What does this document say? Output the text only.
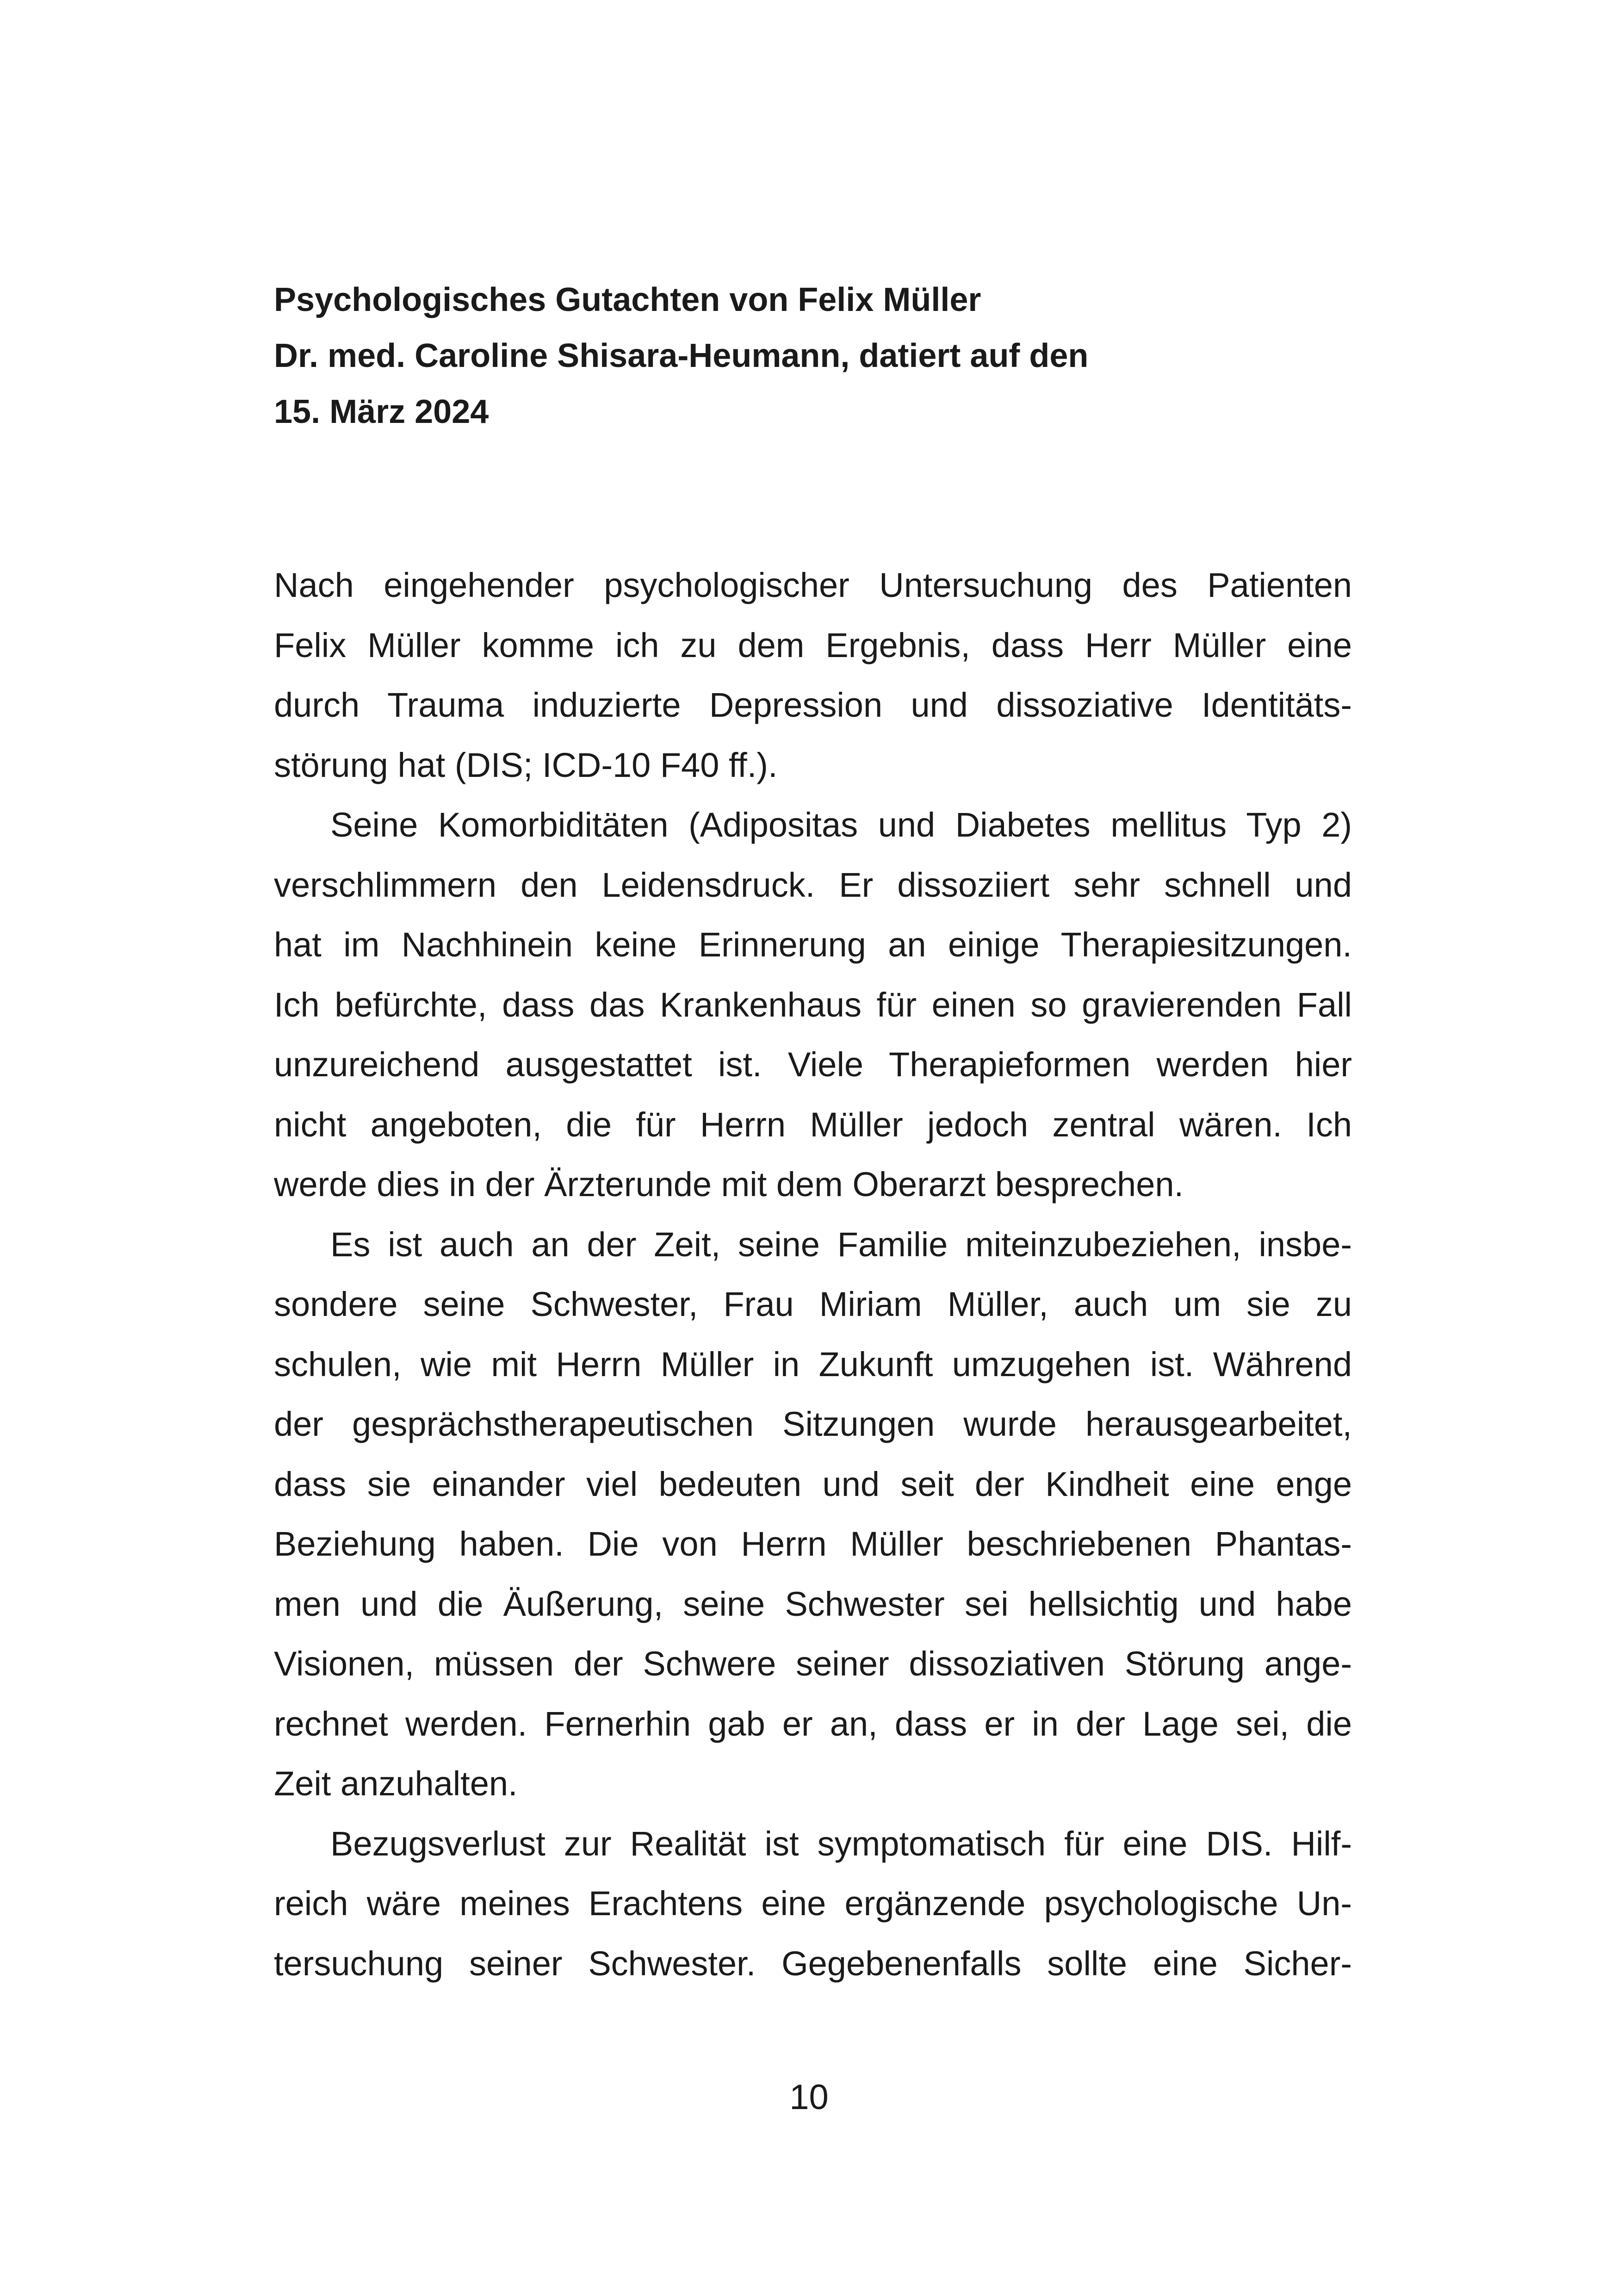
Psychologisches Gutachten von Felix Müller
Dr. med. Caroline Shisara-Heumann, datiert auf den
15. März 2024
Nach eingehender psychologischer Untersuchung des Patienten
Felix Müller komme ich zu dem Ergebnis, dass Herr Müller eine
durch Trauma induzierte Depression und dissoziative Identitäts-
störung hat (DIS; ICD-10 F40 ff.).
Seine Komorbiditäten (Adipositas und Diabetes mellitus Typ 2)
verschlimmern den Leidensdruck. Er dissoziiert sehr schnell und
hat im Nachhinein keine Erinnerung an einige Therapiesitzungen.
Ich befürchte, dass das Krankenhaus für einen so gravierenden Fall
unzureichend ausgestattet ist. Viele Therapieformen werden hier
nicht angeboten, die für Herrn Müller jedoch zentral wären. Ich
werde dies in der Ärzterunde mit dem Oberarzt besprechen.
Es ist auch an der Zeit, seine Familie miteinzubeziehen, insbe-
sondere seine Schwester, Frau Miriam Müller, auch um sie zu
schulen, wie mit Herrn Müller in Zukunft umzugehen ist. Während
der gesprächstherapeutischen Sitzungen wurde herausgearbeitet,
dass sie einander viel bedeuten und seit der Kindheit eine enge
Beziehung haben. Die von Herrn Müller beschriebenen Phantas-
men und die Äußerung, seine Schwester sei hellsichtig und habe
Visionen, müssen der Schwere seiner dissoziativen Störung ange-
rechnet werden. Fernerhin gab er an, dass er in der Lage sei, die
Zeit anzuhalten.
Bezugsverlust zur Realität ist symptomatisch für eine DIS. Hilf-
reich wäre meines Erachtens eine ergänzende psychologische Un-
tersuchung seiner Schwester. Gegebenenfalls sollte eine Sicher-
10
